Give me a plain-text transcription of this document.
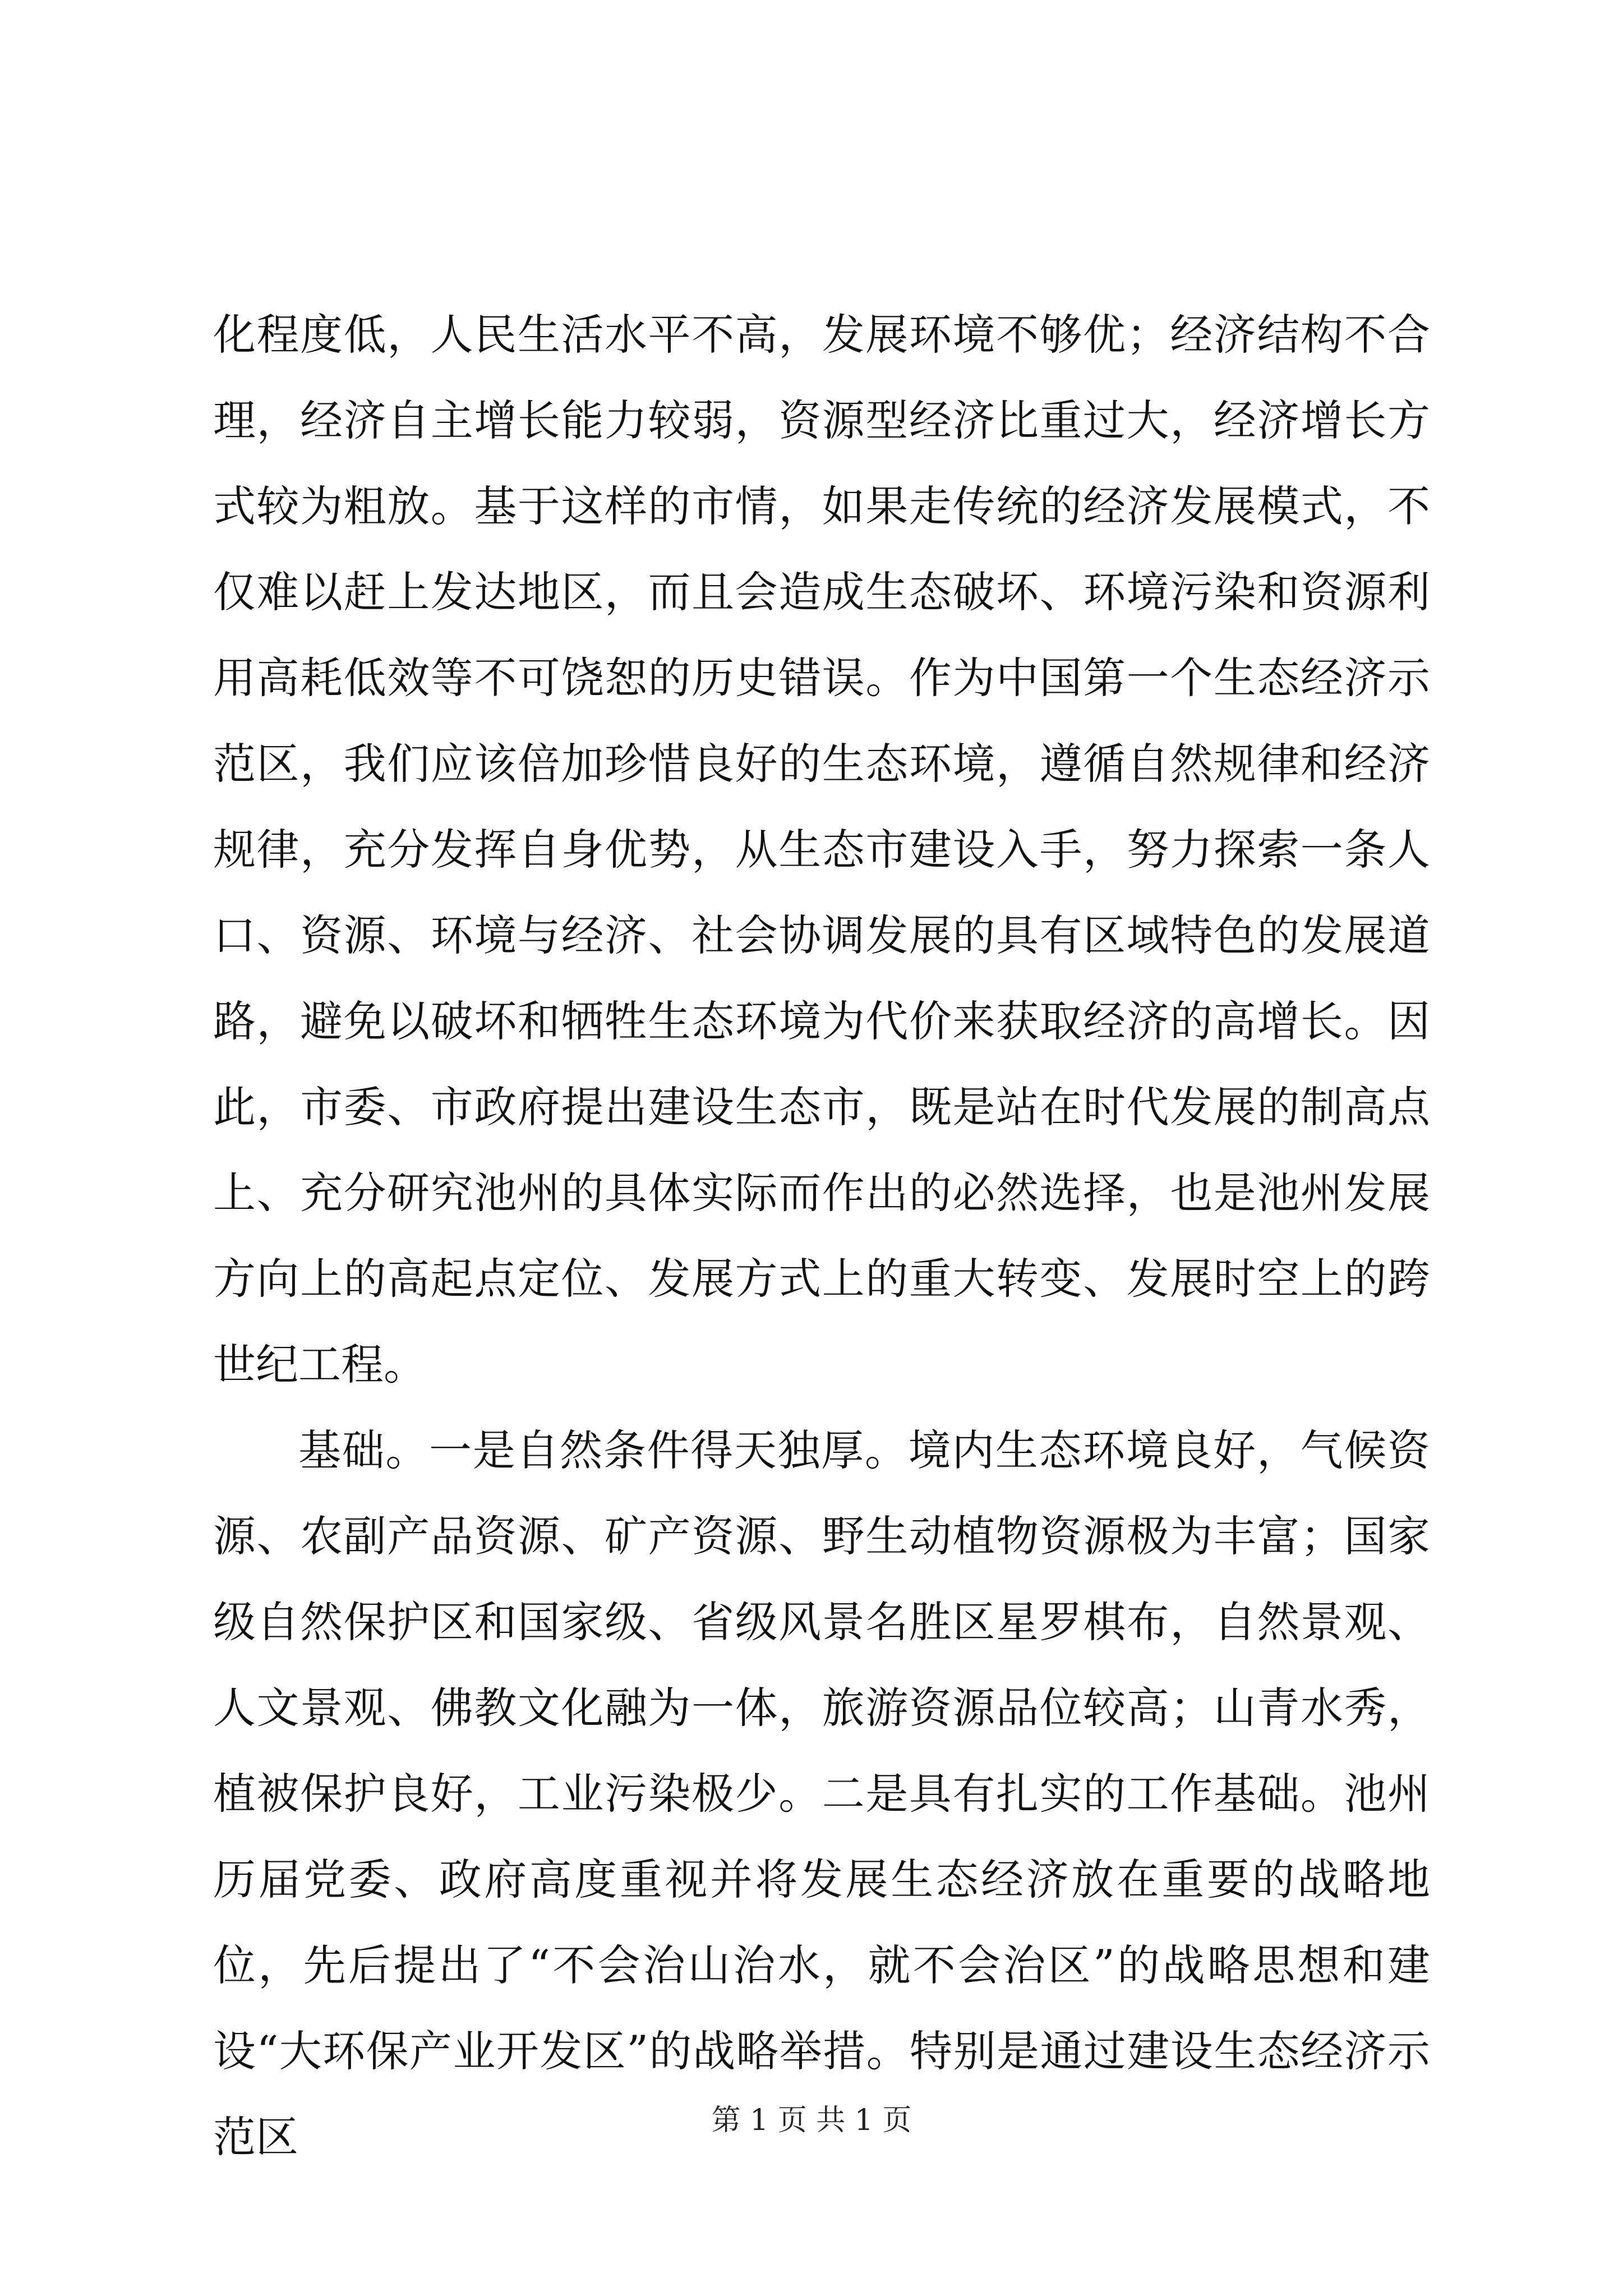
化程度低，人民生活水平不高，发展环境不够优；经济结构不合理，经济自主增长能力较弱，资源型经济比重过大，经济增长方式较为粗放。基于这样的市情，如果走传统的经济发展模式，不仅难以赶上发达地区，而且会造成生态破坏、环境污染和资源利用高耗低效等不可饶恕的历史错误。作为中国第一个生态经济示范区，我们应该倍加珍惜良好的生态环境，遵循自然规律和经济规律，充分发挥自身优势，从生态市建设入手，努力探索一条人口、资源、环境与经济、社会协调发展的具有区域特色的发展道路，避免以破坏和牺牲生态环境为代价来获取经济的高增长。因此，市委、市政府提出建设生态市，既是站在时代发展的制高点上、充分研究池州的具体实际而作出的必然选择，也是池州发展方向上的高起点定位、发展方式上的重大转变、发展时空上的跨世纪工程。

基础。一是自然条件得天独厚。境内生态环境良好，气候资源、农副产品资源、矿产资源、野生动植物资源极为丰富；国家级自然保护区和国家级、省级风景名胜区星罗棋布，自然景观、人文景观、佛教文化融为一体，旅游资源品位较高；山青水秀，植被保护良好，工业污染极少。二是具有扎实的工作基础。池州历届党委、政府高度重视并将发展生态经济放在重要的战略地位，先后提出了“不会治山治水，就不会治区”的战略思想和建设“大环保产业开发区”的战略举措。特别是通过建设生态经济示范区	第 1 页 共 1 页
